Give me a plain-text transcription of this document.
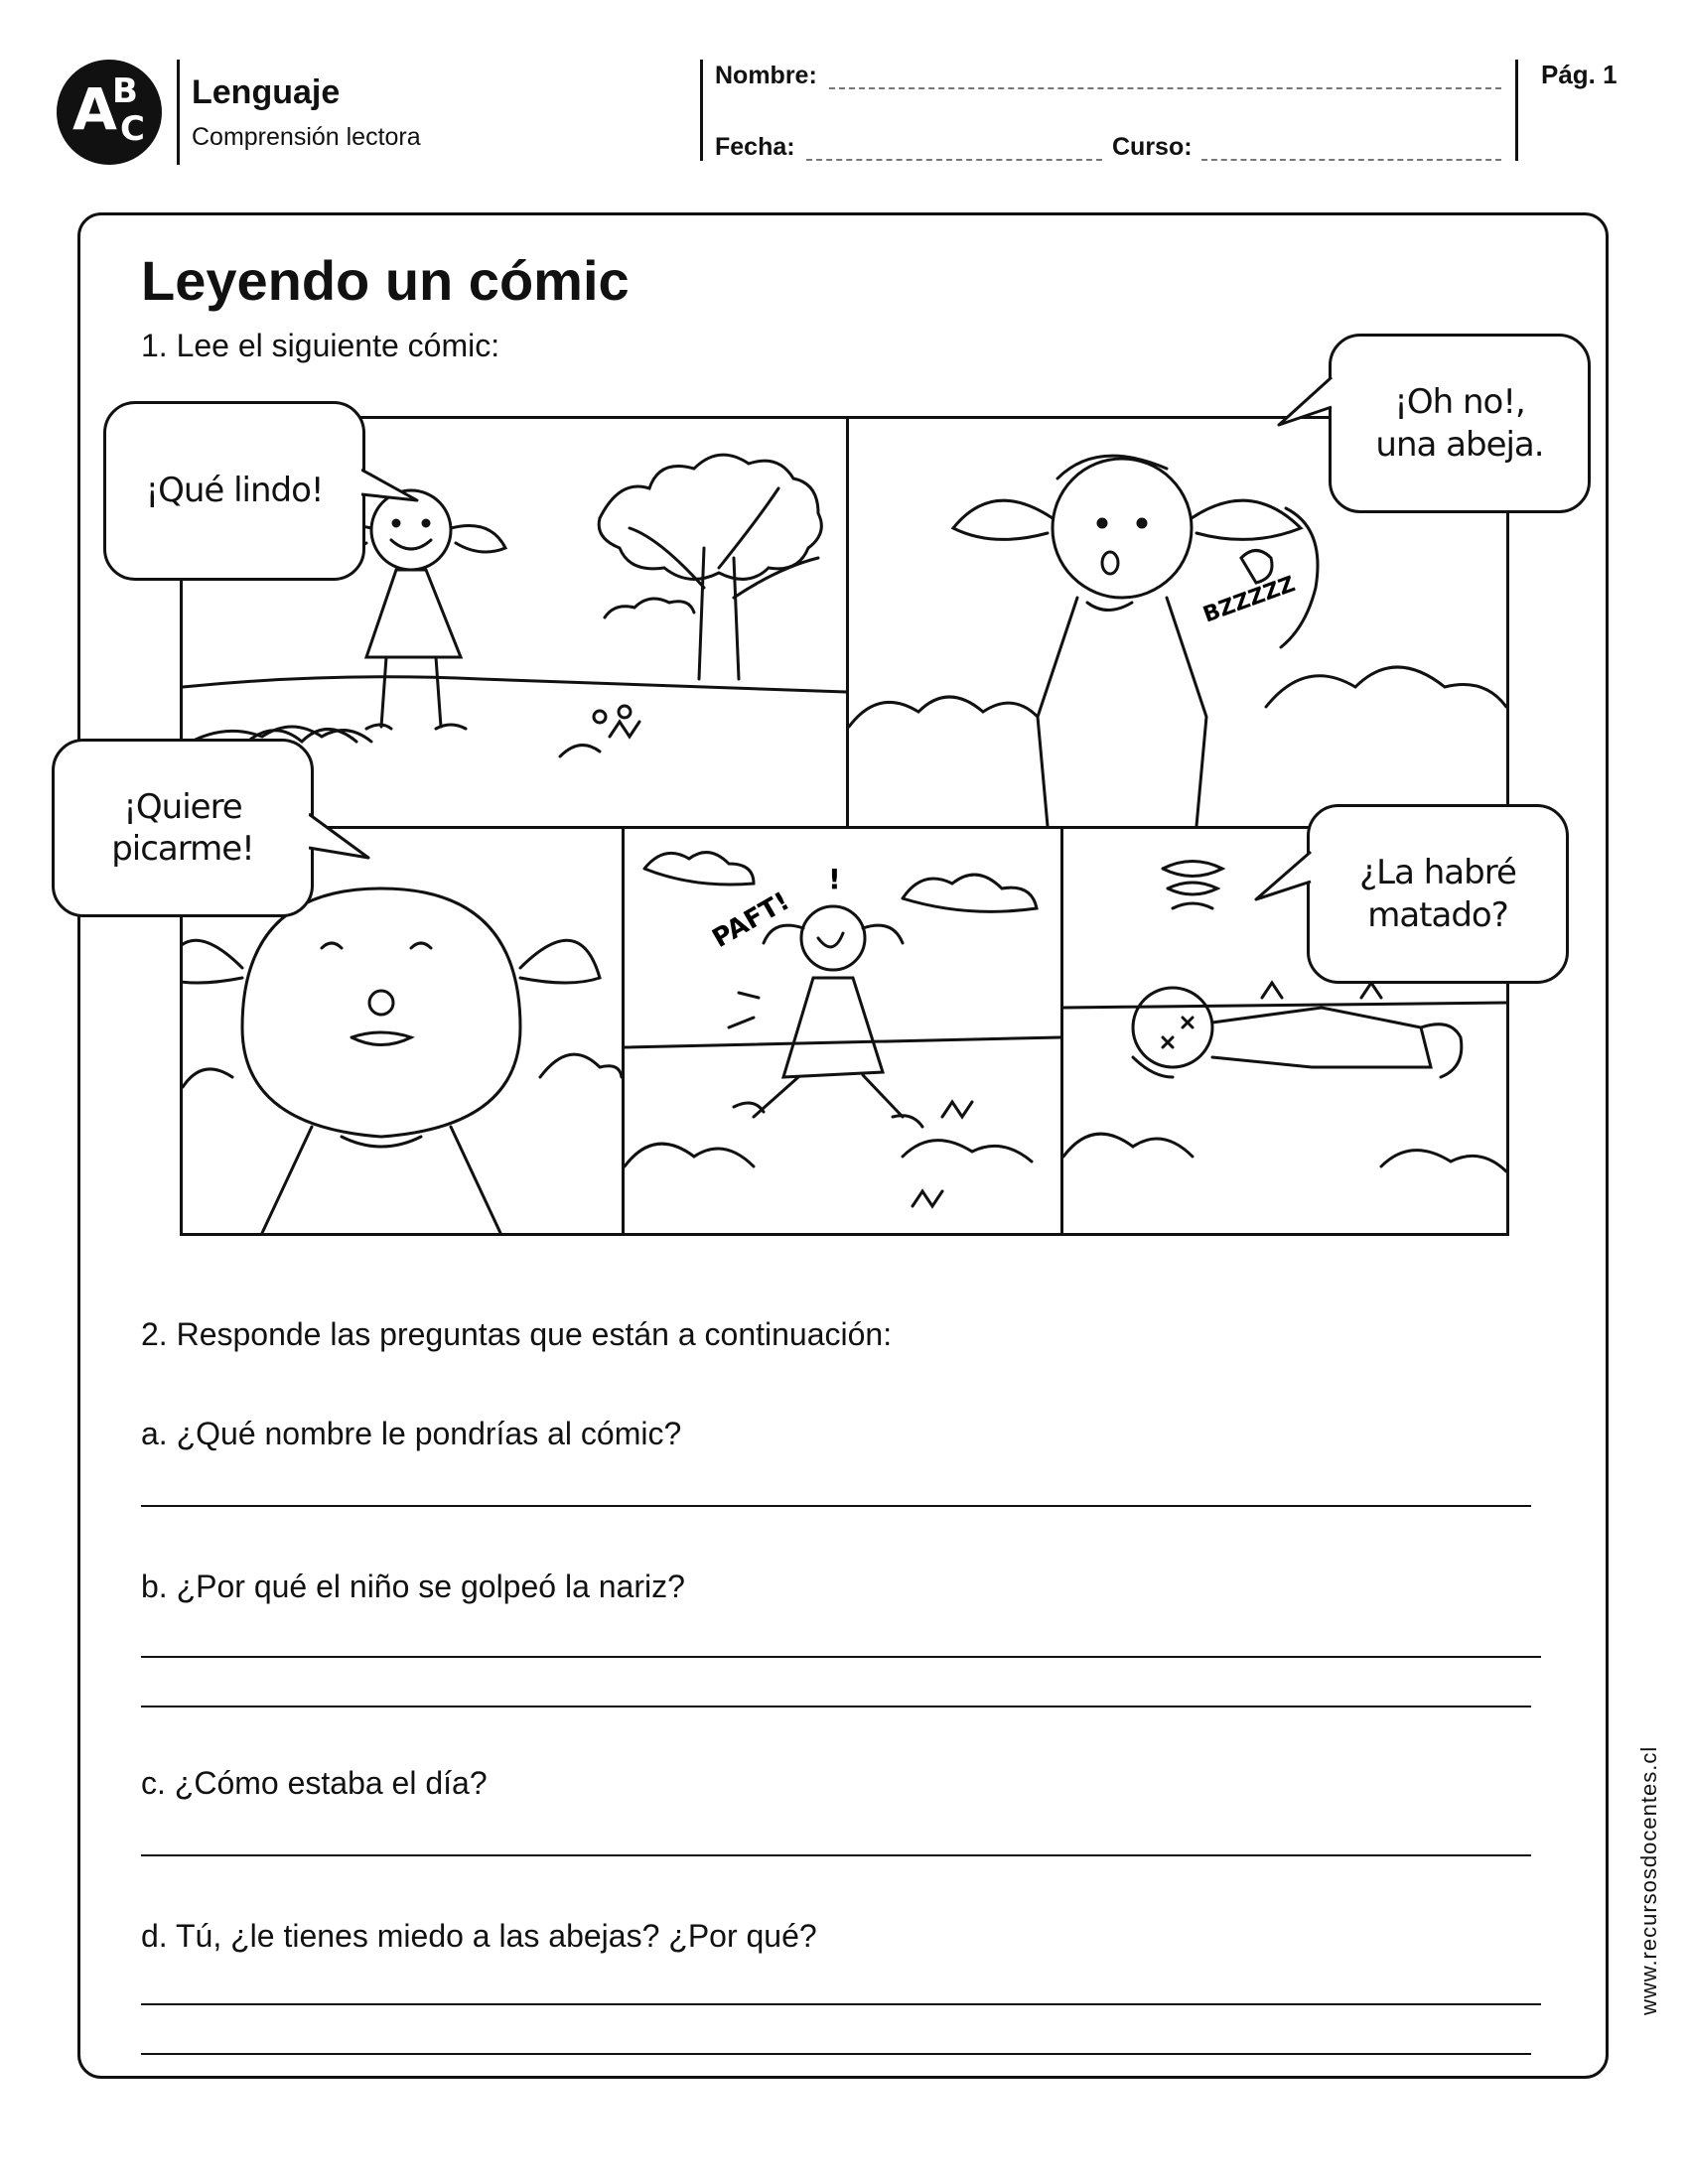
A
B
C
Lenguaje
Comprensión lectora
Nombre:
Fecha:	Curso:
Pág. 1
Leyendo un cómic
1. Lee el siguiente cómic:
BZZZZZ
PAFT!
!
¡Qué lindo!
¡Oh no!,
una abeja.
¡Quiere picarme!
¿La habré
matado?
2. Responde las preguntas que están a continuación:
a. ¿Qué nombre le pondrías al cómic?
b. ¿Por qué el niño se golpeó la nariz?
c. ¿Cómo estaba el día?
d. Tú, ¿le tienes miedo a las abejas? ¿Por qué?	www.recursosdocentes.cl
